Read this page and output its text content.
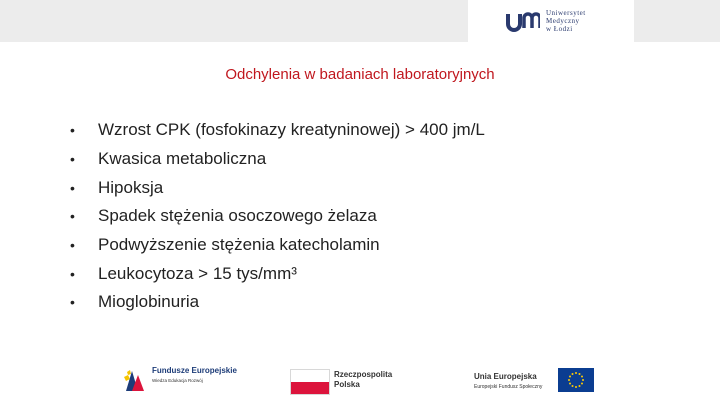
Uniwersytet
Medyczny
w Łodzi
Odchylenia w badaniach laboratoryjnych
•	Wzrost CPK (fosfokinazy kreatyninowej) > 400 jm/L
•	Kwasica metaboliczna
•	Hipoksja
•	Spadek stężenia osoczowego żelaza
•	Podwyższenie stężenia katecholamin
•	Leukocytoza > 15 tys/mm³
•	Mioglobinuria
Fundusze Europejskie
Wiedza Edukacja Rozwój
Rzeczpospolita Polska
Unia Europejska
Europejski Fundusz Społeczny
